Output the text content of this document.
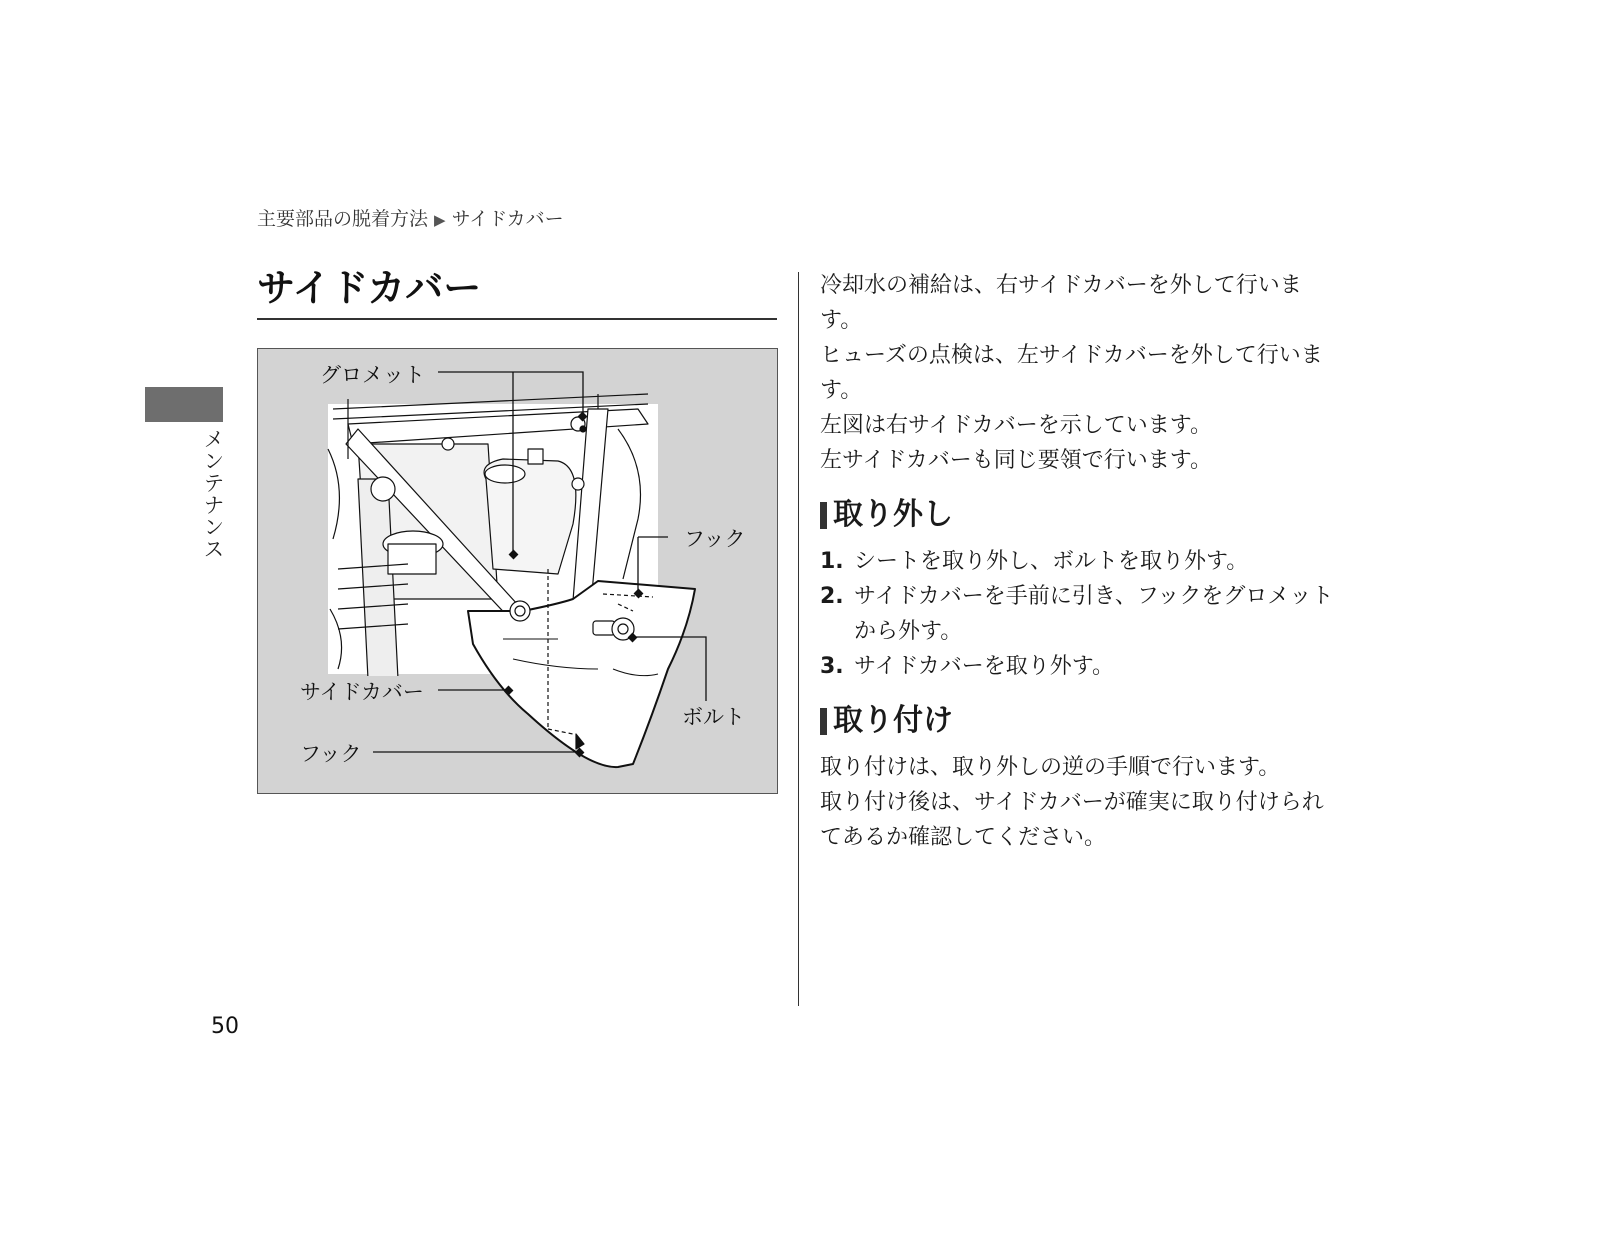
主要部品の脱着方法 ▶ サイドカバー
サイドカバー
メンテナンス
グロメット
フック
サイドカバー
ボルト
フック

冷却水の補給は、右サイドカバーを外して行います。

ヒューズの点検は、左サイドカバーを外して行います。

左図は右サイドカバーを示しています。

左サイドカバーも同じ要領で行います。

取り外し
1. シートを取り外し、ボルトを取り外す。
2. サイドカバーを手前に引き、フックをグロメットから外す。
3. サイドカバーを取り外す。
取り付け

取り付けは、取り外しの逆の手順で行います。

取り付け後は、サイドカバーが確実に取り付けられてあるか確認してください。

50
